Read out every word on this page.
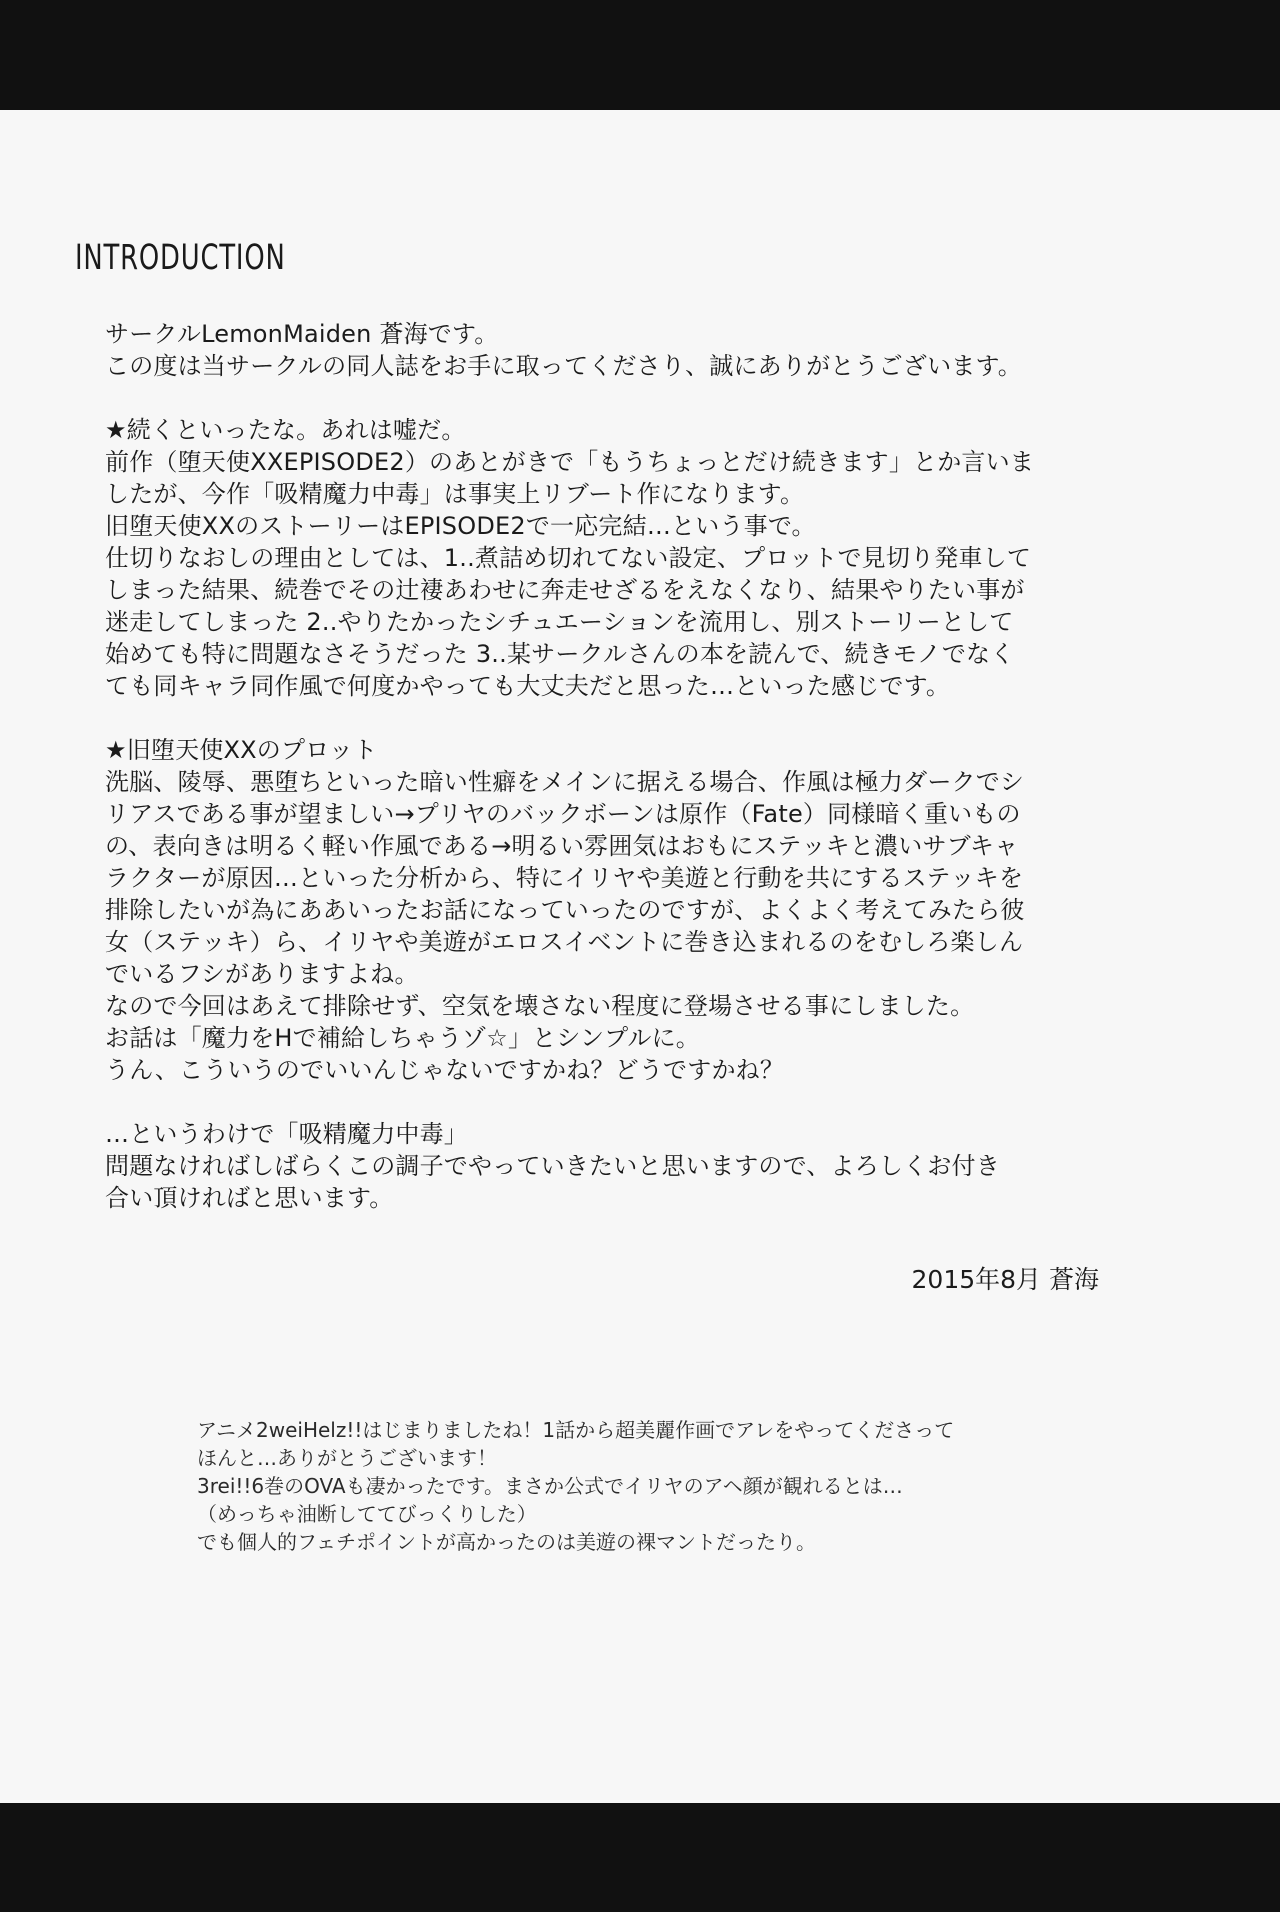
INTRODUCTION
サークルLemonMaiden 蒼海です。
この度は当サークルの同人誌をお手に取ってくださり、誠にありがとうございます。
★続くといったな。あれは嘘だ。
前作（堕天使XXEPISODE2）のあとがきで「もうちょっとだけ続きます」とか言いま
したが、今作「吸精魔力中毒」は事実上リブート作になります。
旧堕天使XXのストーリーはEPISODE2で一応完結…という事で。
仕切りなおしの理由としては、1..煮詰め切れてない設定、プロットで見切り発車して
しまった結果、続巻でその辻褄あわせに奔走せざるをえなくなり、結果やりたい事が
迷走してしまった 2..やりたかったシチュエーションを流用し、別ストーリーとして
始めても特に問題なさそうだった 3..某サークルさんの本を読んで、続きモノでなく
ても同キャラ同作風で何度かやっても大丈夫だと思った…といった感じです。
★旧堕天使XXのプロット
洗脳、陵辱、悪堕ちといった暗い性癖をメインに据える場合、作風は極力ダークでシ
リアスである事が望ましい→プリヤのバックボーンは原作（Fate）同様暗く重いもの
の、表向きは明るく軽い作風である→明るい雰囲気はおもにステッキと濃いサブキャ
ラクターが原因…といった分析から、特にイリヤや美遊と行動を共にするステッキを
排除したいが為にああいったお話になっていったのですが、よくよく考えてみたら彼
女（ステッキ）ら、イリヤや美遊がエロスイベントに巻き込まれるのをむしろ楽しん
でいるフシがありますよね。
なので今回はあえて排除せず、空気を壊さない程度に登場させる事にしました。
お話は「魔力をHで補給しちゃうゾ☆」とシンプルに。
うん、こういうのでいいんじゃないですかね？どうですかね？
…というわけで「吸精魔力中毒」
問題なければしばらくこの調子でやっていきたいと思いますので、よろしくお付き
合い頂ければと思います。
2015年8月 蒼海
アニメ2weiHelz!!はじまりましたね！1話から超美麗作画でアレをやってくださって
ほんと…ありがとうございます！
3rei!!6巻のOVAも凄かったです。まさか公式でイリヤのアヘ顔が観れるとは…
（めっちゃ油断しててびっくりした）
でも個人的フェチポイントが高かったのは美遊の裸マントだったり。
